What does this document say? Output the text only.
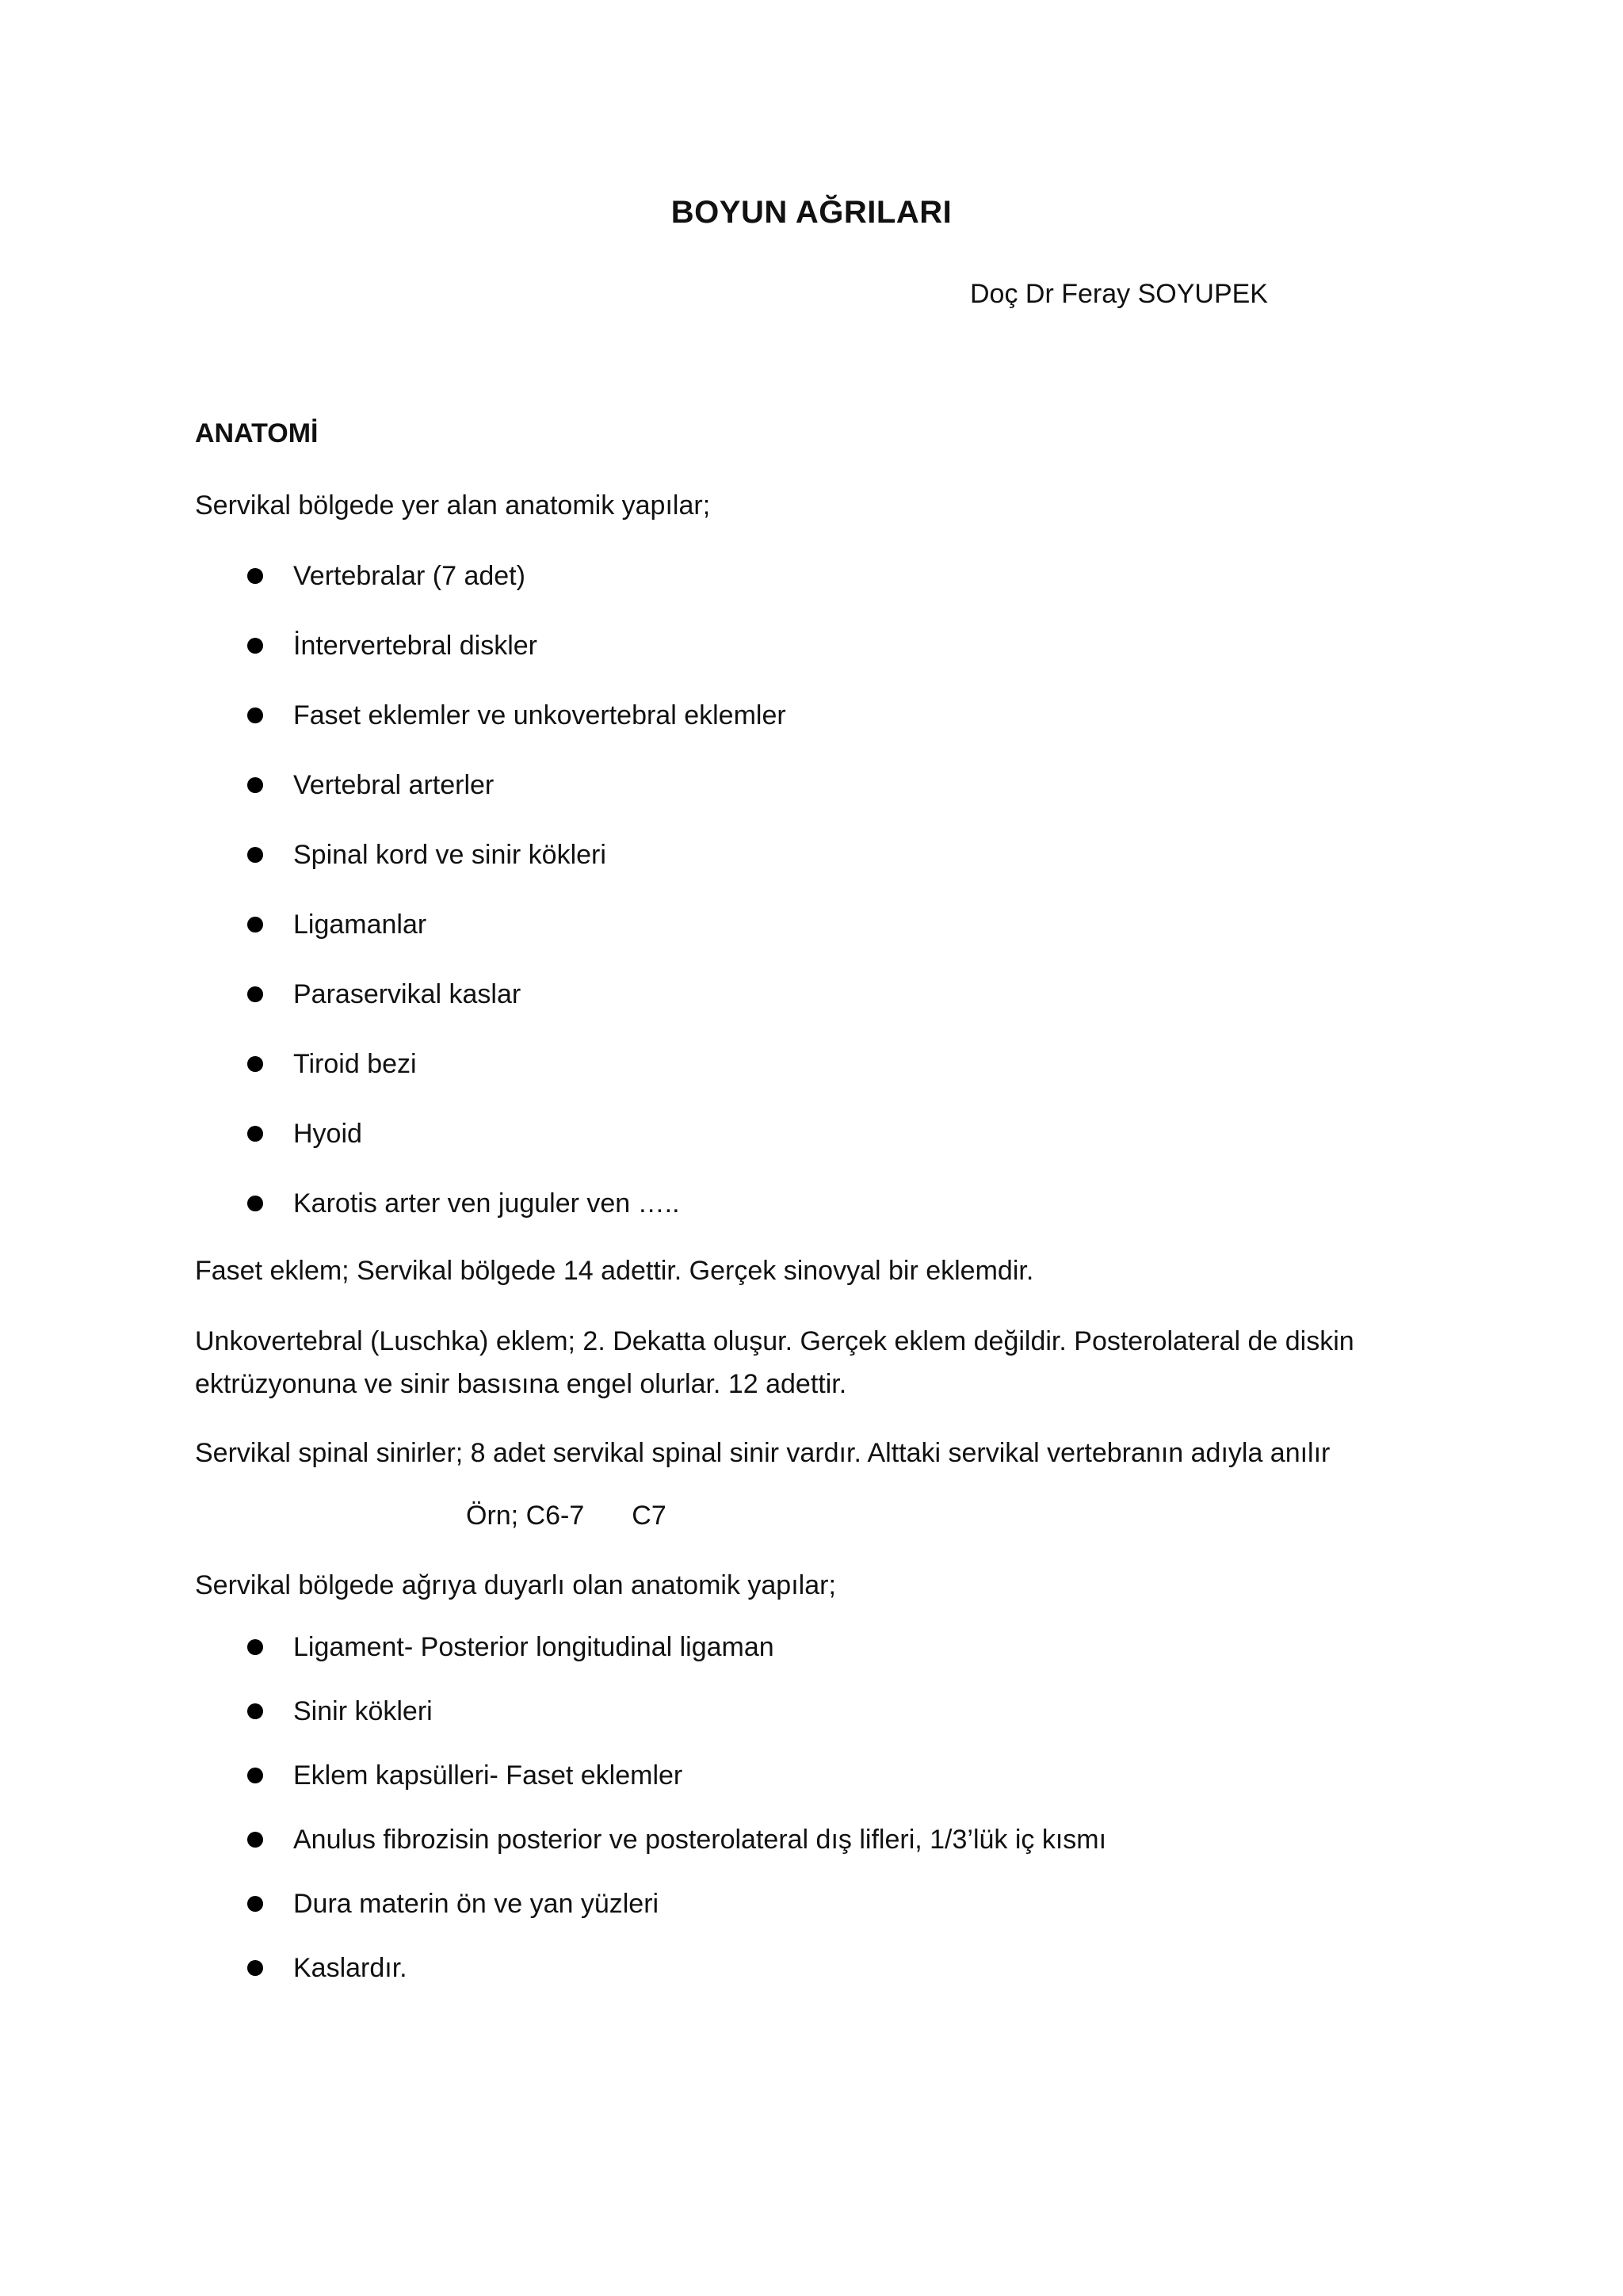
BOYUN AĞRILARI
Doç Dr Feray SOYUPEK
ANATOMİ
Servikal bölgede yer alan anatomik yapılar;
Vertebralar (7 adet)
İntervertebral diskler
Faset eklemler ve unkovertebral eklemler
Vertebral arterler
Spinal kord ve sinir kökleri
Ligamanlar
Paraservikal kaslar
Tiroid bezi
Hyoid
Karotis arter ven juguler ven …..
Faset eklem; Servikal bölgede 14 adettir. Gerçek sinovyal bir eklemdir.
Unkovertebral (Luschka) eklem; 2. Dekatta oluşur. Gerçek eklem değildir. Posterolateral de diskin
ektrüzyonuna ve sinir basısına engel olurlar. 12 adettir.
Servikal spinal sinirler; 8 adet servikal spinal sinir vardır. Alttaki servikal vertebranın adıyla anılır
Örn; C6-7 C7
Servikal bölgede ağrıya duyarlı olan anatomik yapılar;
Ligament- Posterior longitudinal ligaman
Sinir kökleri
Eklem kapsülleri- Faset eklemler
Anulus fibrozisin posterior ve posterolateral dış lifleri, 1/3’lük iç kısmı
Dura materin ön ve yan yüzleri
Kaslardır.
